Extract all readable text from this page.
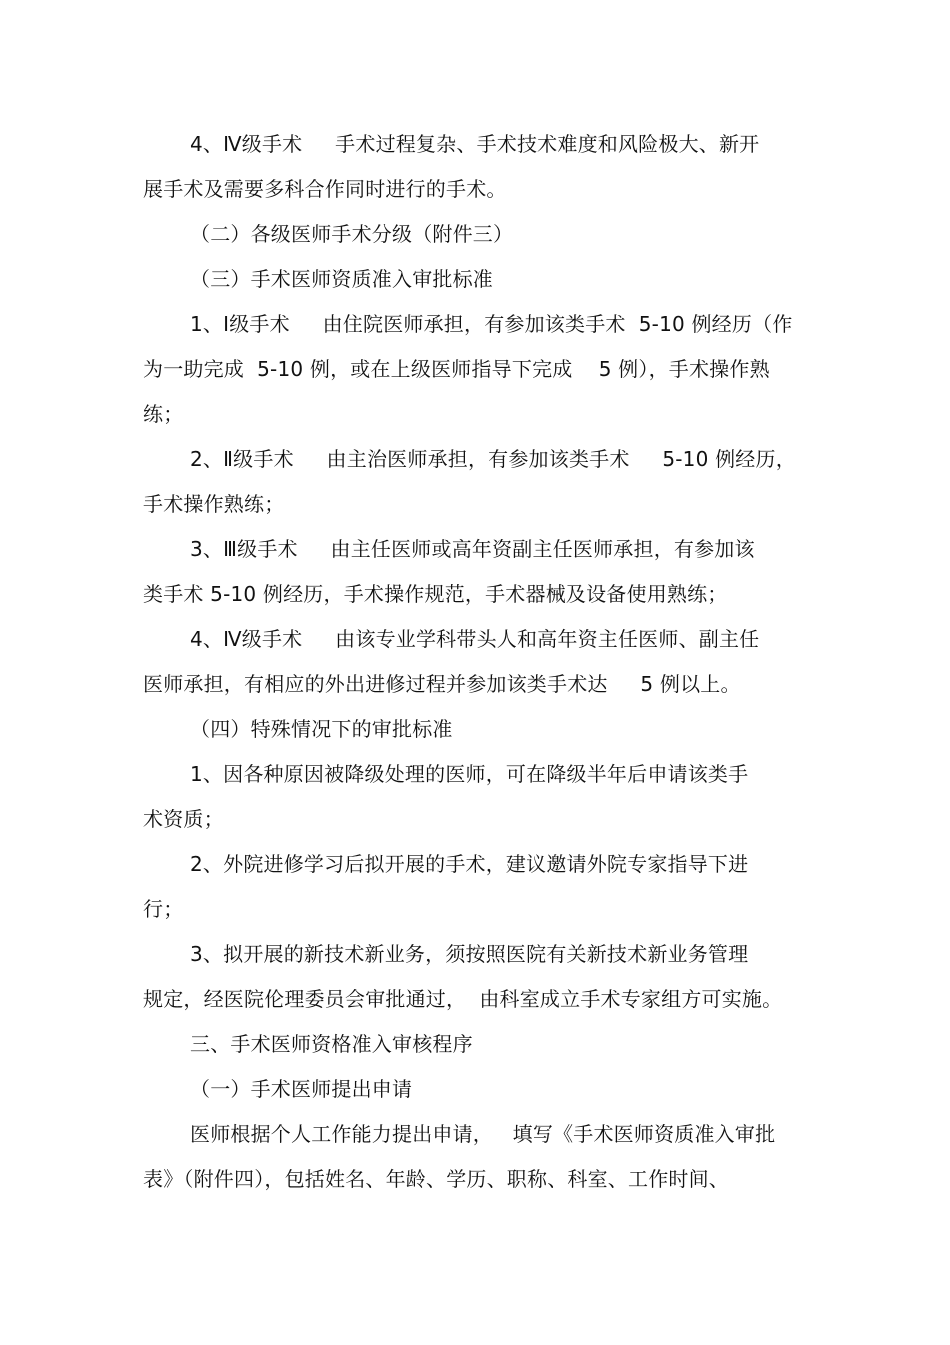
4、Ⅳ级手术     手术过程复杂、手术技术难度和风险极大、新开
展手术及需要多科合作同时进行的手术。
（二）各级医师手术分级（附件三）
（三）手术医师资质准入审批标准
1、Ⅰ级手术     由住院医师承担，有参加该类手术  5-10 例经历（作
为一助完成  5-10 例，或在上级医师指导下完成    5 例），手术操作熟
练；
2、Ⅱ级手术     由主治医师承担，有参加该类手术     5-10 例经历，
手术操作熟练；
3、Ⅲ级手术     由主任医师或高年资副主任医师承担，有参加该
类手术 5-10 例经历，手术操作规范，手术器械及设备使用熟练；
4、Ⅳ级手术     由该专业学科带头人和高年资主任医师、副主任
医师承担，有相应的外出进修过程并参加该类手术达     5 例以上。
（四）特殊情况下的审批标准
1、因各种原因被降级处理的医师，可在降级半年后申请该类手
术资质；
2、外院进修学习后拟开展的手术，建议邀请外院专家指导下进
行；
3、拟开展的新技术新业务，须按照医院有关新技术新业务管理
规定，经医院伦理委员会审批通过，  由科室成立手术专家组方可实施。
三、手术医师资格准入审核程序
（一）手术医师提出申请
医师根据个人工作能力提出申请，   填写《手术医师资质准入审批
表》（附件四），包括姓名、年龄、学历、职称、科室、工作时间、
